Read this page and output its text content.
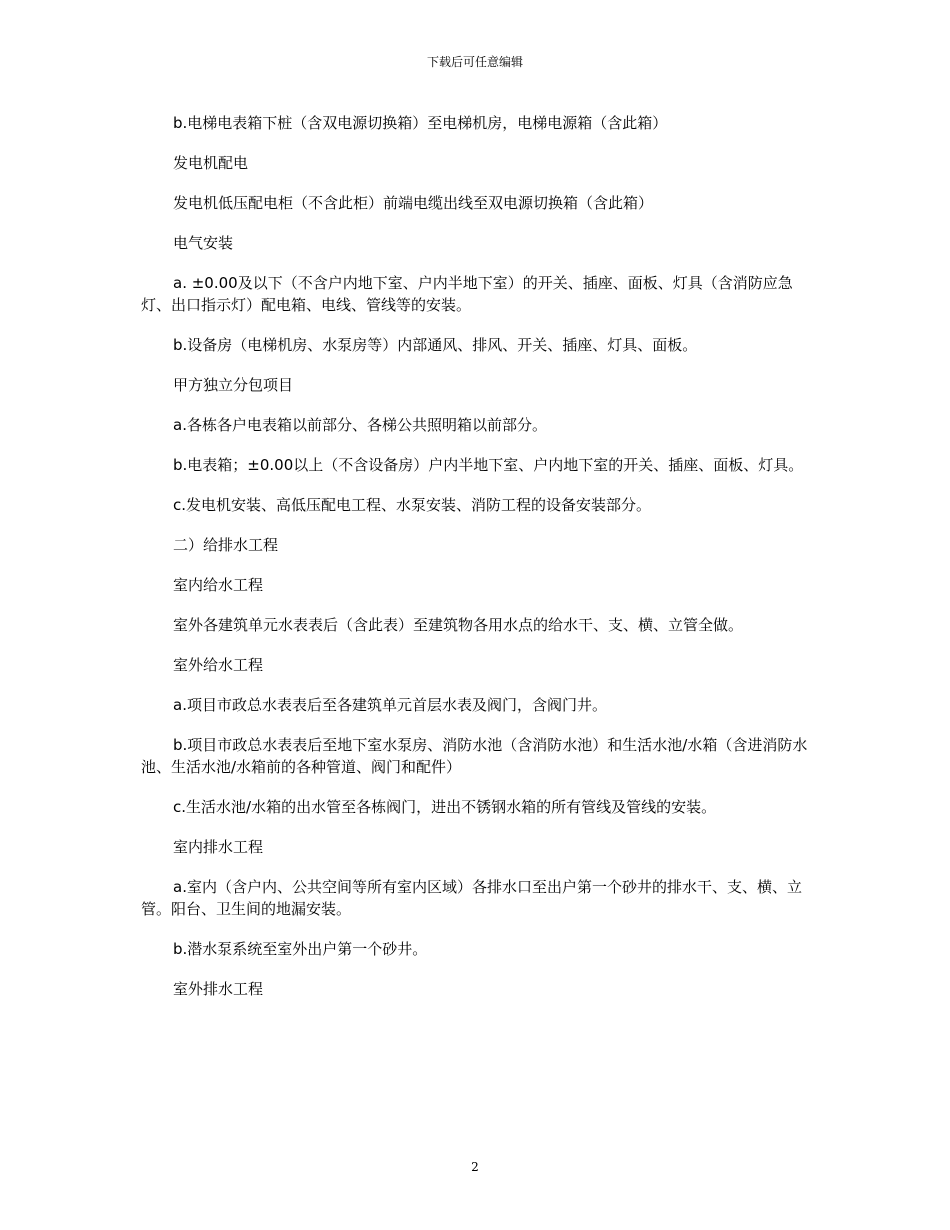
下载后可任意编辑

b.电梯电表箱下桩（含双电源切换箱）至电梯机房，电梯电源箱（含此箱）

发电机配电

发电机低压配电柜（不含此柜）前端电缆出线至双电源切换箱（含此箱）

电气安装

a. ±0.00及以下（不含户内地下室、户内半地下室）的开关、插座、面板、灯具（含消防应急灯、出口指示灯）配电箱、电线、管线等的安装。

b.设备房（电梯机房、水泵房等）内部通风、排风、开关、插座、灯具、面板。

甲方独立分包项目

a.各栋各户电表箱以前部分、各梯公共照明箱以前部分。

b.电表箱；±0.00以上（不含设备房）户内半地下室、户内地下室的开关、插座、面板、灯具。

c.发电机安装、高低压配电工程、水泵安装、消防工程的设备安装部分。

二）给排水工程

室内给水工程

室外各建筑单元水表表后（含此表）至建筑物各用水点的给水干、支、横、立管全做。

室外给水工程

a.项目市政总水表表后至各建筑单元首层水表及阀门，含阀门井。

b.项目市政总水表表后至地下室水泵房、消防水池（含消防水池）和生活水池/水箱（含进消防水池、生活水池/水箱前的各种管道、阀门和配件）

c.生活水池/水箱的出水管至各栋阀门，进出不锈钢水箱的所有管线及管线的安装。

室内排水工程

a.室内（含户内、公共空间等所有室内区域）各排水口至出户第一个砂井的排水干、支、横、立管。阳台、卫生间的地漏安装。

b.潜水泵系统至室外出户第一个砂井。

室外排水工程

2
